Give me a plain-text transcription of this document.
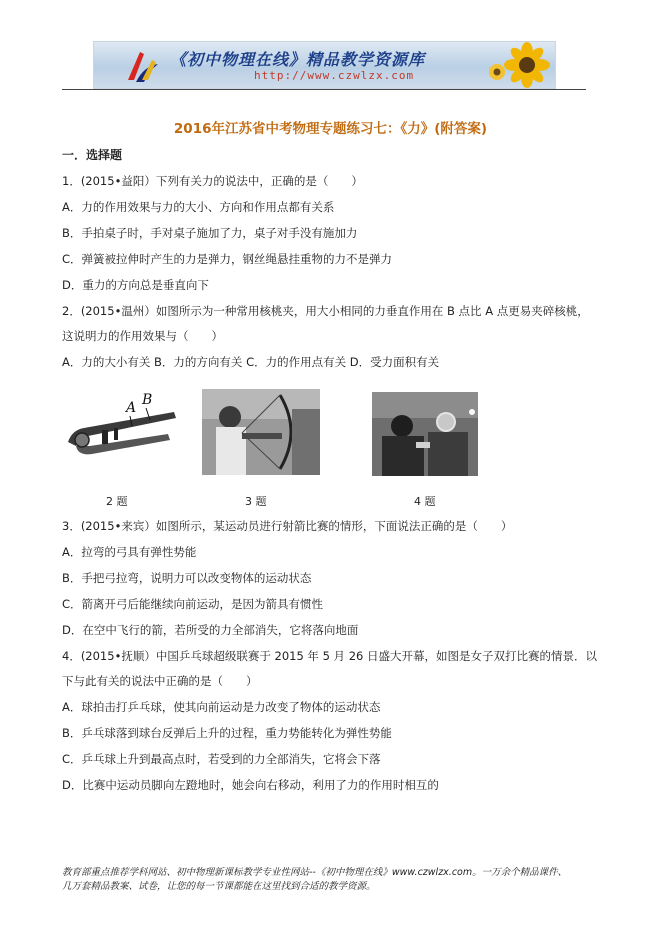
《初中物理在线》精品教学资源库
http://www.czwlzx.com
2016年江苏省中考物理专题练习七：《力》(附答案)
一．选择题
1．(2015•益阳）下列有关力的说法中，正确的是（　　）
A．力的作用效果与力的大小、方向和作用点都有关系
B．手拍桌子时，手对桌子施加了力，桌子对手没有施加力
C．弹簧被拉伸时产生的力是弹力，钢丝绳悬挂重物的力不是弹力
D．重力的方向总是垂直向下
2．(2015•温州）如图所示为一种常用核桃夹，用大小相同的力垂直作用在 B 点比 A 点更易夹碎核桃，
这说明力的作用效果与（　　）
A．力的大小有关 B．力的方向有关 C．力的作用点有关 D．受力面积有关
A B
2 题	3 题	4 题
3．(2015•来宾）如图所示，某运动员进行射箭比赛的情形，下面说法正确的是（　　）
A．拉弯的弓具有弹性势能
B．手把弓拉弯，说明力可以改变物体的运动状态
C．箭离开弓后能继续向前运动，是因为箭具有惯性
D．在空中飞行的箭，若所受的力全部消失，它将落向地面
4．(2015•抚顺）中国乒乓球超级联赛于 2015 年 5 月 26 日盛大开幕，如图是女子双打比赛的情景．以
下与此有关的说法中正确的是（　　）
A．球拍击打乒乓球，使其向前运动是力改变了物体的运动状态
B．乒乓球落到球台反弹后上升的过程，重力势能转化为弹性势能
C．乒乓球上升到最高点时，若受到的力全部消失，它将会下落
D．比赛中运动员脚向左蹬地时，她会向右移动，利用了力的作用时相互的
教育部重点推荐学科网站、初中物理新课标教学专业性网站--《初中物理在线》www.czwlzx.com。一万余个精品课件、
几万套精品教案、试卷，让您的每一节课都能在这里找到合适的教学资源。
